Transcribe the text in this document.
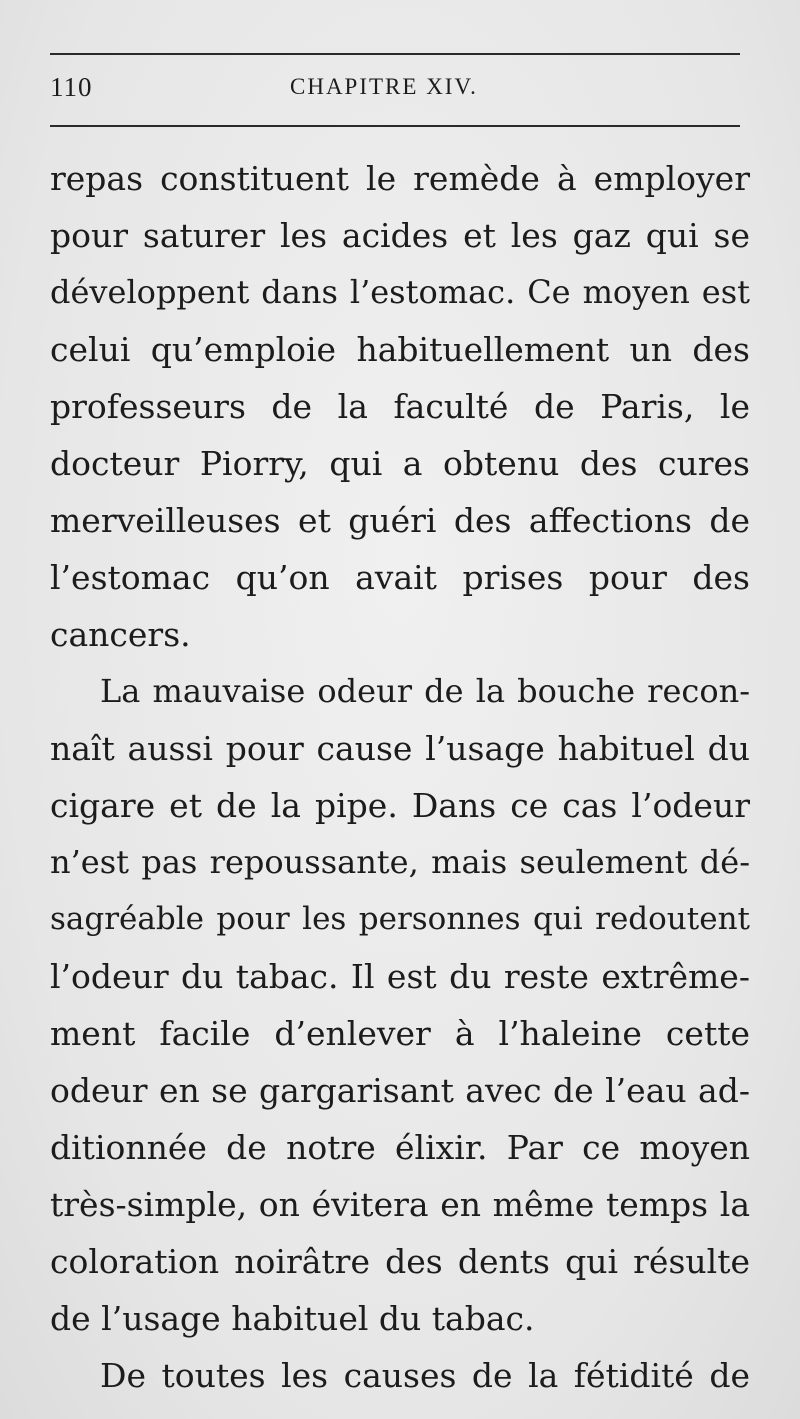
110	CHAPITRE XIV.
repas constituent le remède à employer
pour saturer les acides et les gaz qui se
développent dans l’estomac. Ce moyen est
celui qu’emploie habituellement un des
professeurs de la faculté de Paris, le
docteur Piorry, qui a obtenu des cures
merveilleuses et guéri des affections de
l’estomac qu’on avait prises pour des
cancers.
La mauvaise odeur de la bouche recon-
naît aussi pour cause l’usage habituel du
cigare et de la pipe. Dans ce cas l’odeur
n’est pas repoussante, mais seulement dé-
sagréable pour les personnes qui redoutent
l’odeur du tabac. Il est du reste extrême-
ment facile d’enlever à l’haleine cette
odeur en se gargarisant avec de l’eau ad-
ditionnée de notre élixir. Par ce moyen
très-simple, on évitera en même temps la
coloration noirâtre des dents qui résulte
de l’usage habituel du tabac.
De toutes les causes de la fétidité de
